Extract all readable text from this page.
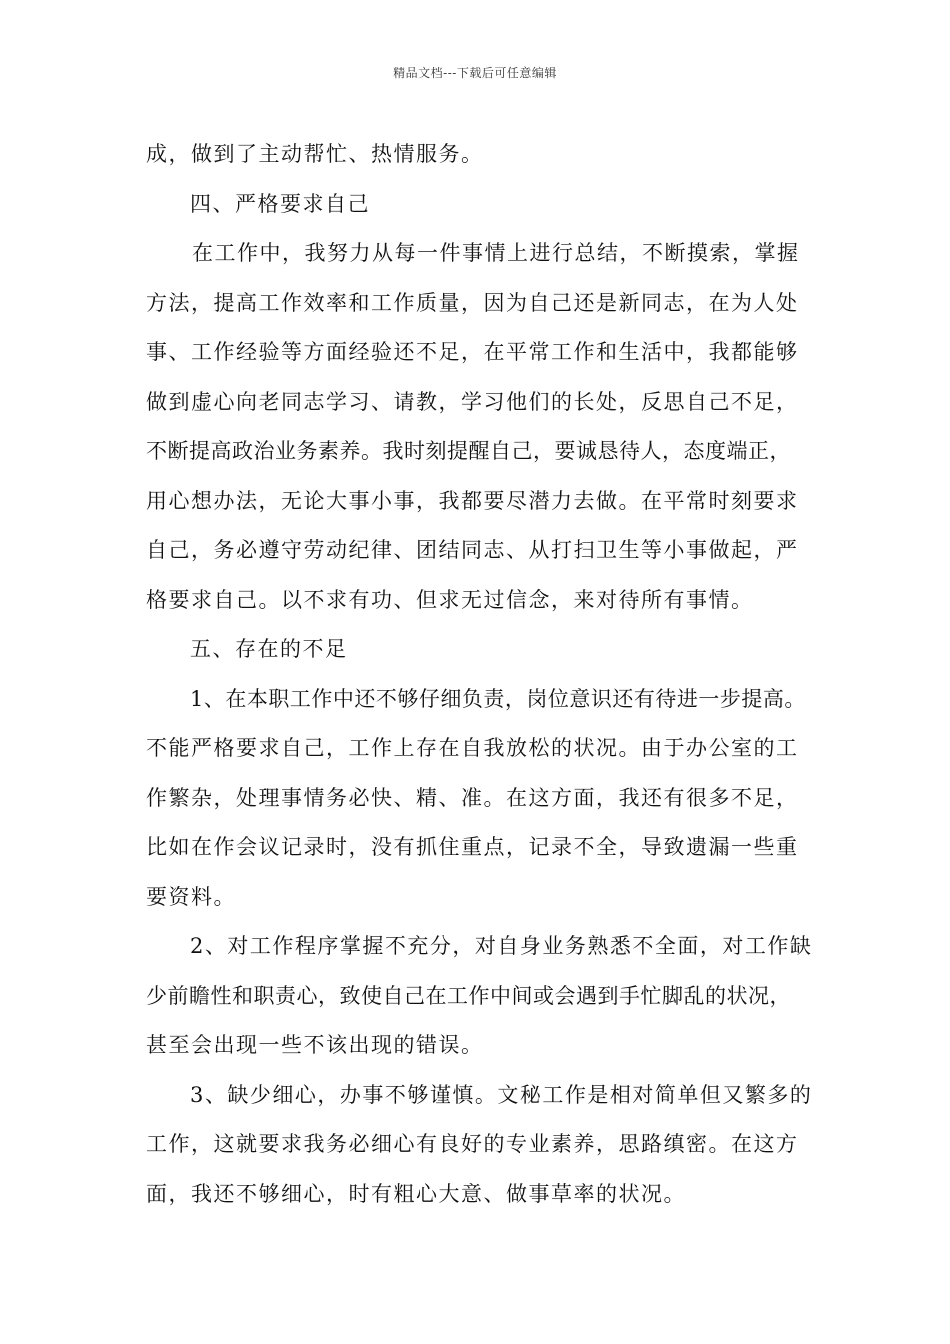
精品文档---下载后可任意编辑
成，做到了主动帮忙、热情服务。
四、严格要求自己
在工作中，我努力从每一件事情上进行总结，不断摸索，掌握
方法，提高工作效率和工作质量，因为自己还是新同志，在为人处
事、工作经验等方面经验还不足，在平常工作和生活中，我都能够
做到虚心向老同志学习、请教，学习他们的长处，反思自己不足，
不断提高政治业务素养。我时刻提醒自己，要诚恳待人，态度端正，
用心想办法，无论大事小事，我都要尽潜力去做。在平常时刻要求
自己，务必遵守劳动纪律、团结同志、从打扫卫生等小事做起，严
格要求自己。以不求有功、但求无过信念，来对待所有事情。
五、存在的不足
1、在本职工作中还不够仔细负责，岗位意识还有待进一步提高。
不能严格要求自己，工作上存在自我放松的状况。由于办公室的工
作繁杂，处理事情务必快、精、准。在这方面，我还有很多不足，
比如在作会议记录时，没有抓住重点，记录不全，导致遗漏一些重
要资料。
2、对工作程序掌握不充分，对自身业务熟悉不全面，对工作缺
少前瞻性和职责心，致使自己在工作中间或会遇到手忙脚乱的状况，
甚至会出现一些不该出现的错误。
3、缺少细心，办事不够谨慎。文秘工作是相对简单但又繁多的
工作，这就要求我务必细心有良好的专业素养，思路缜密。在这方
面，我还不够细心，时有粗心大意、做事草率的状况。
